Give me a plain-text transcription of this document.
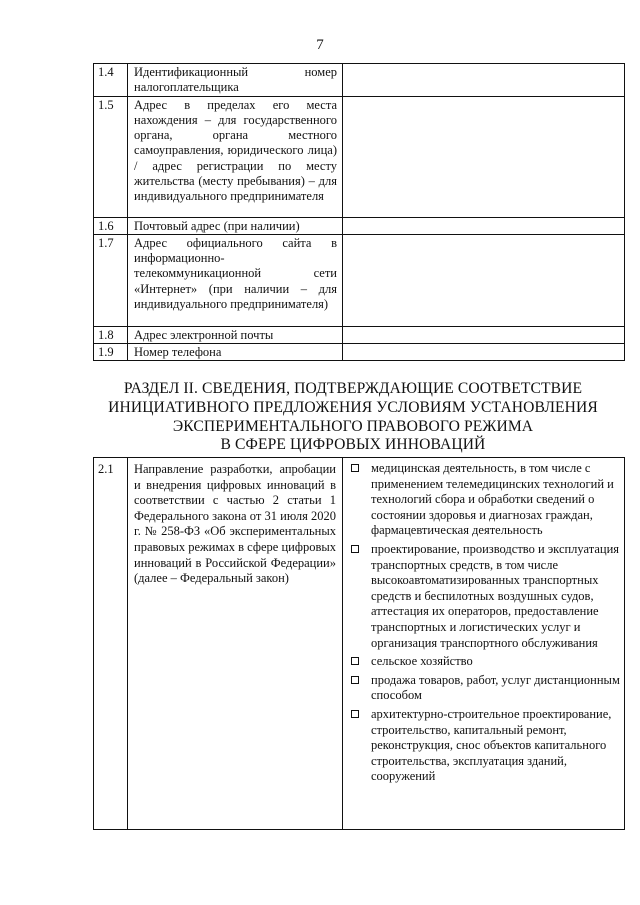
7
1.4	Идентификационный номер
налогоплательщика	

1.5	Адрес в пределах его места нахождения – для государственного органа, органа местного самоуправления, юридического лица) / адрес регистрации по месту жительства (месту пребывания) – для индивидуального предпринимателя	
1.6	Почтовый адрес (при наличии)	
1.7	Адрес официального сайта в информационно-телекоммуникационной сети «Интернет» (при наличии – для индивидуального предпринимателя)	
1.8	Адрес электронной почты	
1.9	Номер телефона	
РАЗДЕЛ II. СВЕДЕНИЯ, ПОДТВЕРЖДАЮЩИЕ СООТВЕТСТВИЕ
ИНИЦИАТИВНОГО ПРЕДЛОЖЕНИЯ УСЛОВИЯМ УСТАНОВЛЕНИЯ
ЭКСПЕРИМЕНТАЛЬНОГО ПРАВОВОГО РЕЖИМА
В СФЕРЕ ЦИФРОВЫХ ИННОВАЦИЙ
2.1	Направление разработки, апробации и внедрения цифровых инноваций в соответствии с частью 2 статьи 1 Федерального закона от 31 июля 2020 г. № 258-ФЗ «Об экспериментальных правовых режимах в сфере цифровых инноваций в Российской Федерации» (далее – Федеральный закон)	
медицинская деятельность, в том числе с применением телемедицинских технологий и технологий сбора и обработки сведений о состоянии здоровья и диагнозах граждан, фармацевтическая деятельность
проектирование, производство и эксплуатация транспортных средств, в том числе высокоавтоматизированных транспортных средств и беспилотных воздушных судов, аттестация их операторов, предоставление транспортных и логистических услуг и организация транспортного обслуживания
сельское хозяйство
продажа товаров, работ, услуг дистанционным способом
архитектурно-строительное проектирование, строительство, капитальный ремонт, реконструкция, снос объектов капитального строительства, эксплуатация зданий, сооружений
